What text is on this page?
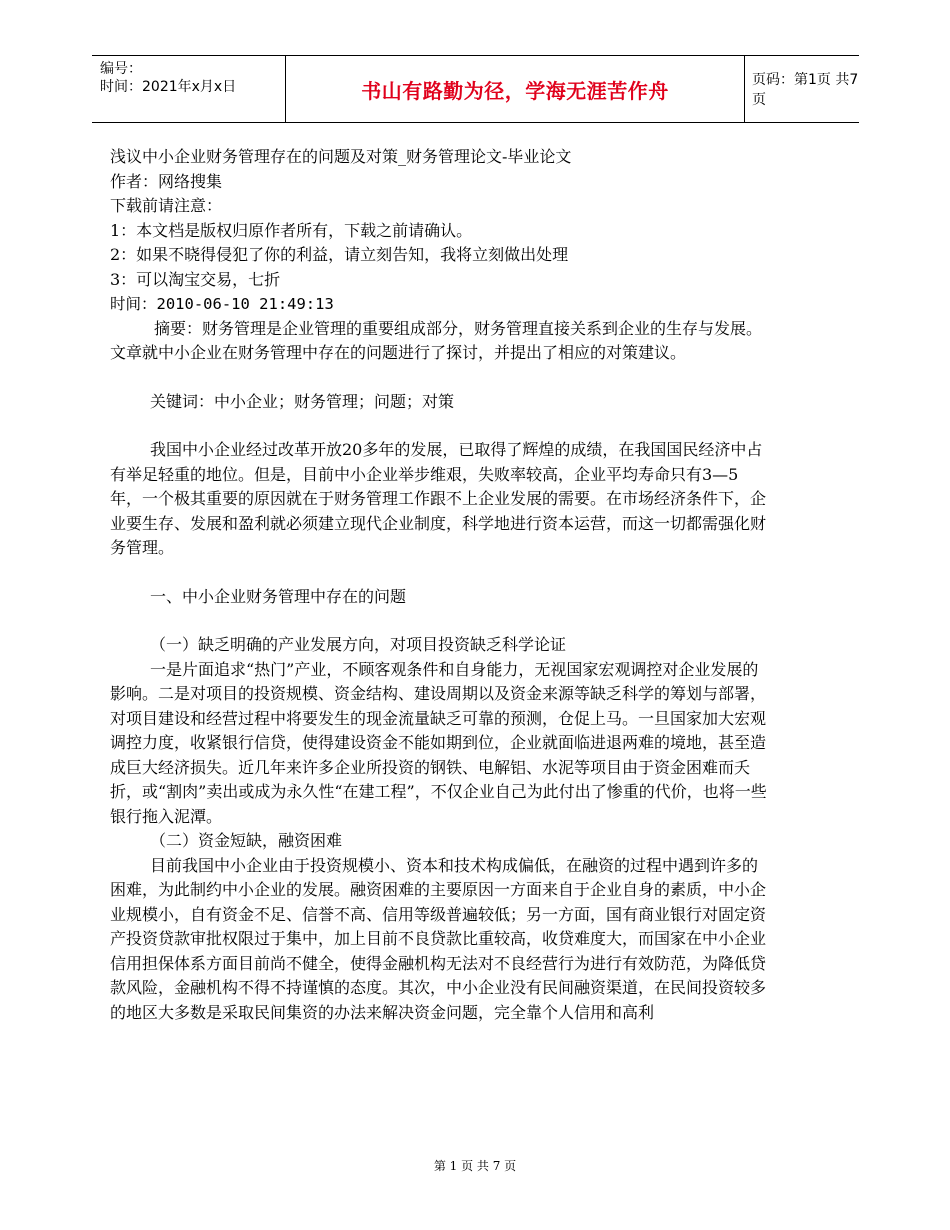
编号：
时间：2021年x月x日	书山有路勤为径，学海无涯苦作舟	页码：第1页 共7页

浅议中小企业财务管理存在的问题及对策_财务管理论文-毕业论文

作者：网络搜集

下载前请注意：

1：本文档是版权归原作者所有，下载之前请确认。

2：如果不晓得侵犯了你的利益，请立刻告知，我将立刻做出处理

3：可以淘宝交易，七折

时间：2010-06-10 21:49:13

摘要：财务管理是企业管理的重要组成部分，财务管理直接关系到企业的生存与发展。文章就中小企业在财务管理中存在的问题进行了探讨，并提出了相应的对策建议。

关键词：中小企业；财务管理；问题；对策

我国中小企业经过改革开放20多年的发展，已取得了辉煌的成绩，在我国国民经济中占有举足轻重的地位。但是，目前中小企业举步维艰，失败率较高，企业平均寿命只有3—5年，一个极其重要的原因就在于财务管理工作跟不上企业发展的需要。在市场经济条件下，企业要生存、发展和盈利就必须建立现代企业制度，科学地进行资本运营，而这一切都需强化财务管理。

一、中小企业财务管理中存在的问题

（一）缺乏明确的产业发展方向，对项目投资缺乏科学论证

一是片面追求“热门”产业，不顾客观条件和自身能力，无视国家宏观调控对企业发展的影响。二是对项目的投资规模、资金结构、建设周期以及资金来源等缺乏科学的筹划与部署，对项目建设和经营过程中将要发生的现金流量缺乏可靠的预测，仓促上马。一旦国家加大宏观调控力度，收紧银行信贷，使得建设资金不能如期到位，企业就面临进退两难的境地，甚至造成巨大经济损失。近几年来许多企业所投资的钢铁、电解铝、水泥等项目由于资金困难而夭折，或“割肉”卖出或成为永久性“在建工程”，不仅企业自己为此付出了惨重的代价，也将一些银行拖入泥潭。

（二）资金短缺，融资困难

目前我国中小企业由于投资规模小、资本和技术构成偏低，在融资的过程中遇到许多的困难，为此制约中小企业的发展。融资困难的主要原因一方面来自于企业自身的素质，中小企业规模小，自有资金不足、信誉不高、信用等级普遍较低；另一方面，国有商业银行对固定资产投资贷款审批权限过于集中，加上目前不良贷款比重较高，收贷难度大，而国家在中小企业信用担保体系方面目前尚不健全，使得金融机构无法对不良经营行为进行有效防范，为降低贷款风险，金融机构不得不持谨慎的态度。其次，中小企业没有民间融资渠道，在民间投资较多的地区大多数是采取民间集资的办法来解决资金问题，完全靠个人信用和高利

第 1 页 共 7 页
